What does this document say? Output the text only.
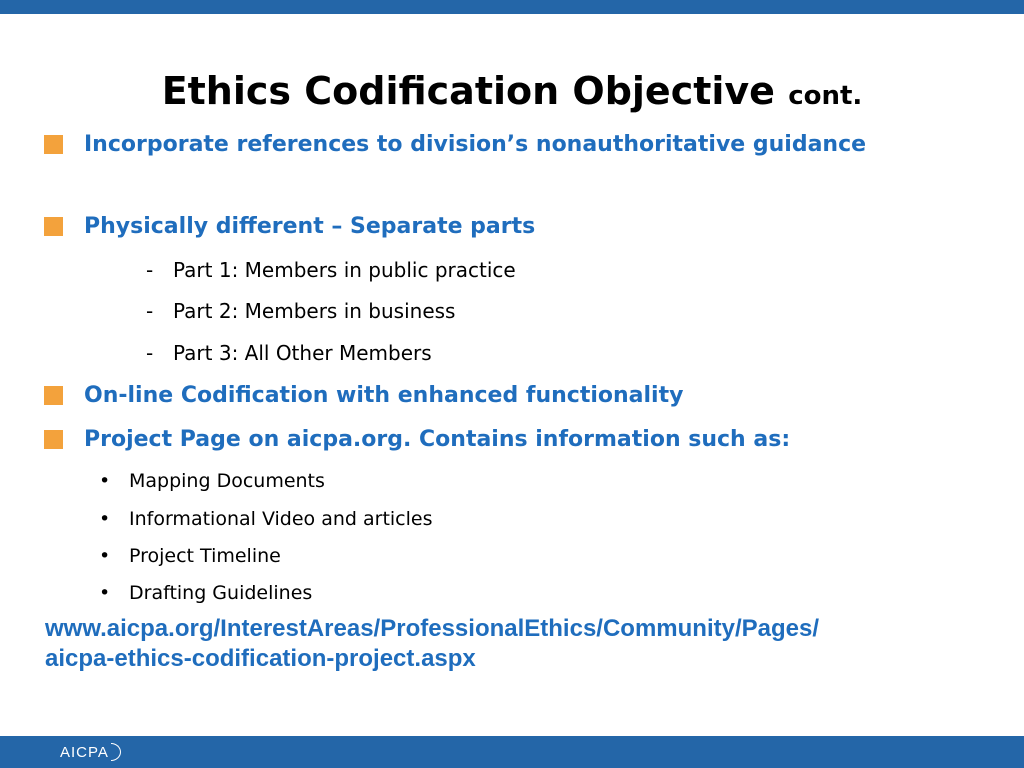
Ethics Codification Objective cont.
Incorporate references to division’s nonauthoritative guidance
Physically different – Separate parts
- Part 1: Members in public practice
- Part 2: Members in business
- Part 3: All Other Members
On-line Codification with enhanced functionality
Project Page on aicpa.org. Contains information such as:
• Mapping Documents
• Informational Video and articles
• Project Timeline
• Drafting Guidelines
www.aicpa.org/InterestAreas/ProfessionalEthics/Community/Pages/
aicpa-ethics-codification-project.aspx
AICPA
